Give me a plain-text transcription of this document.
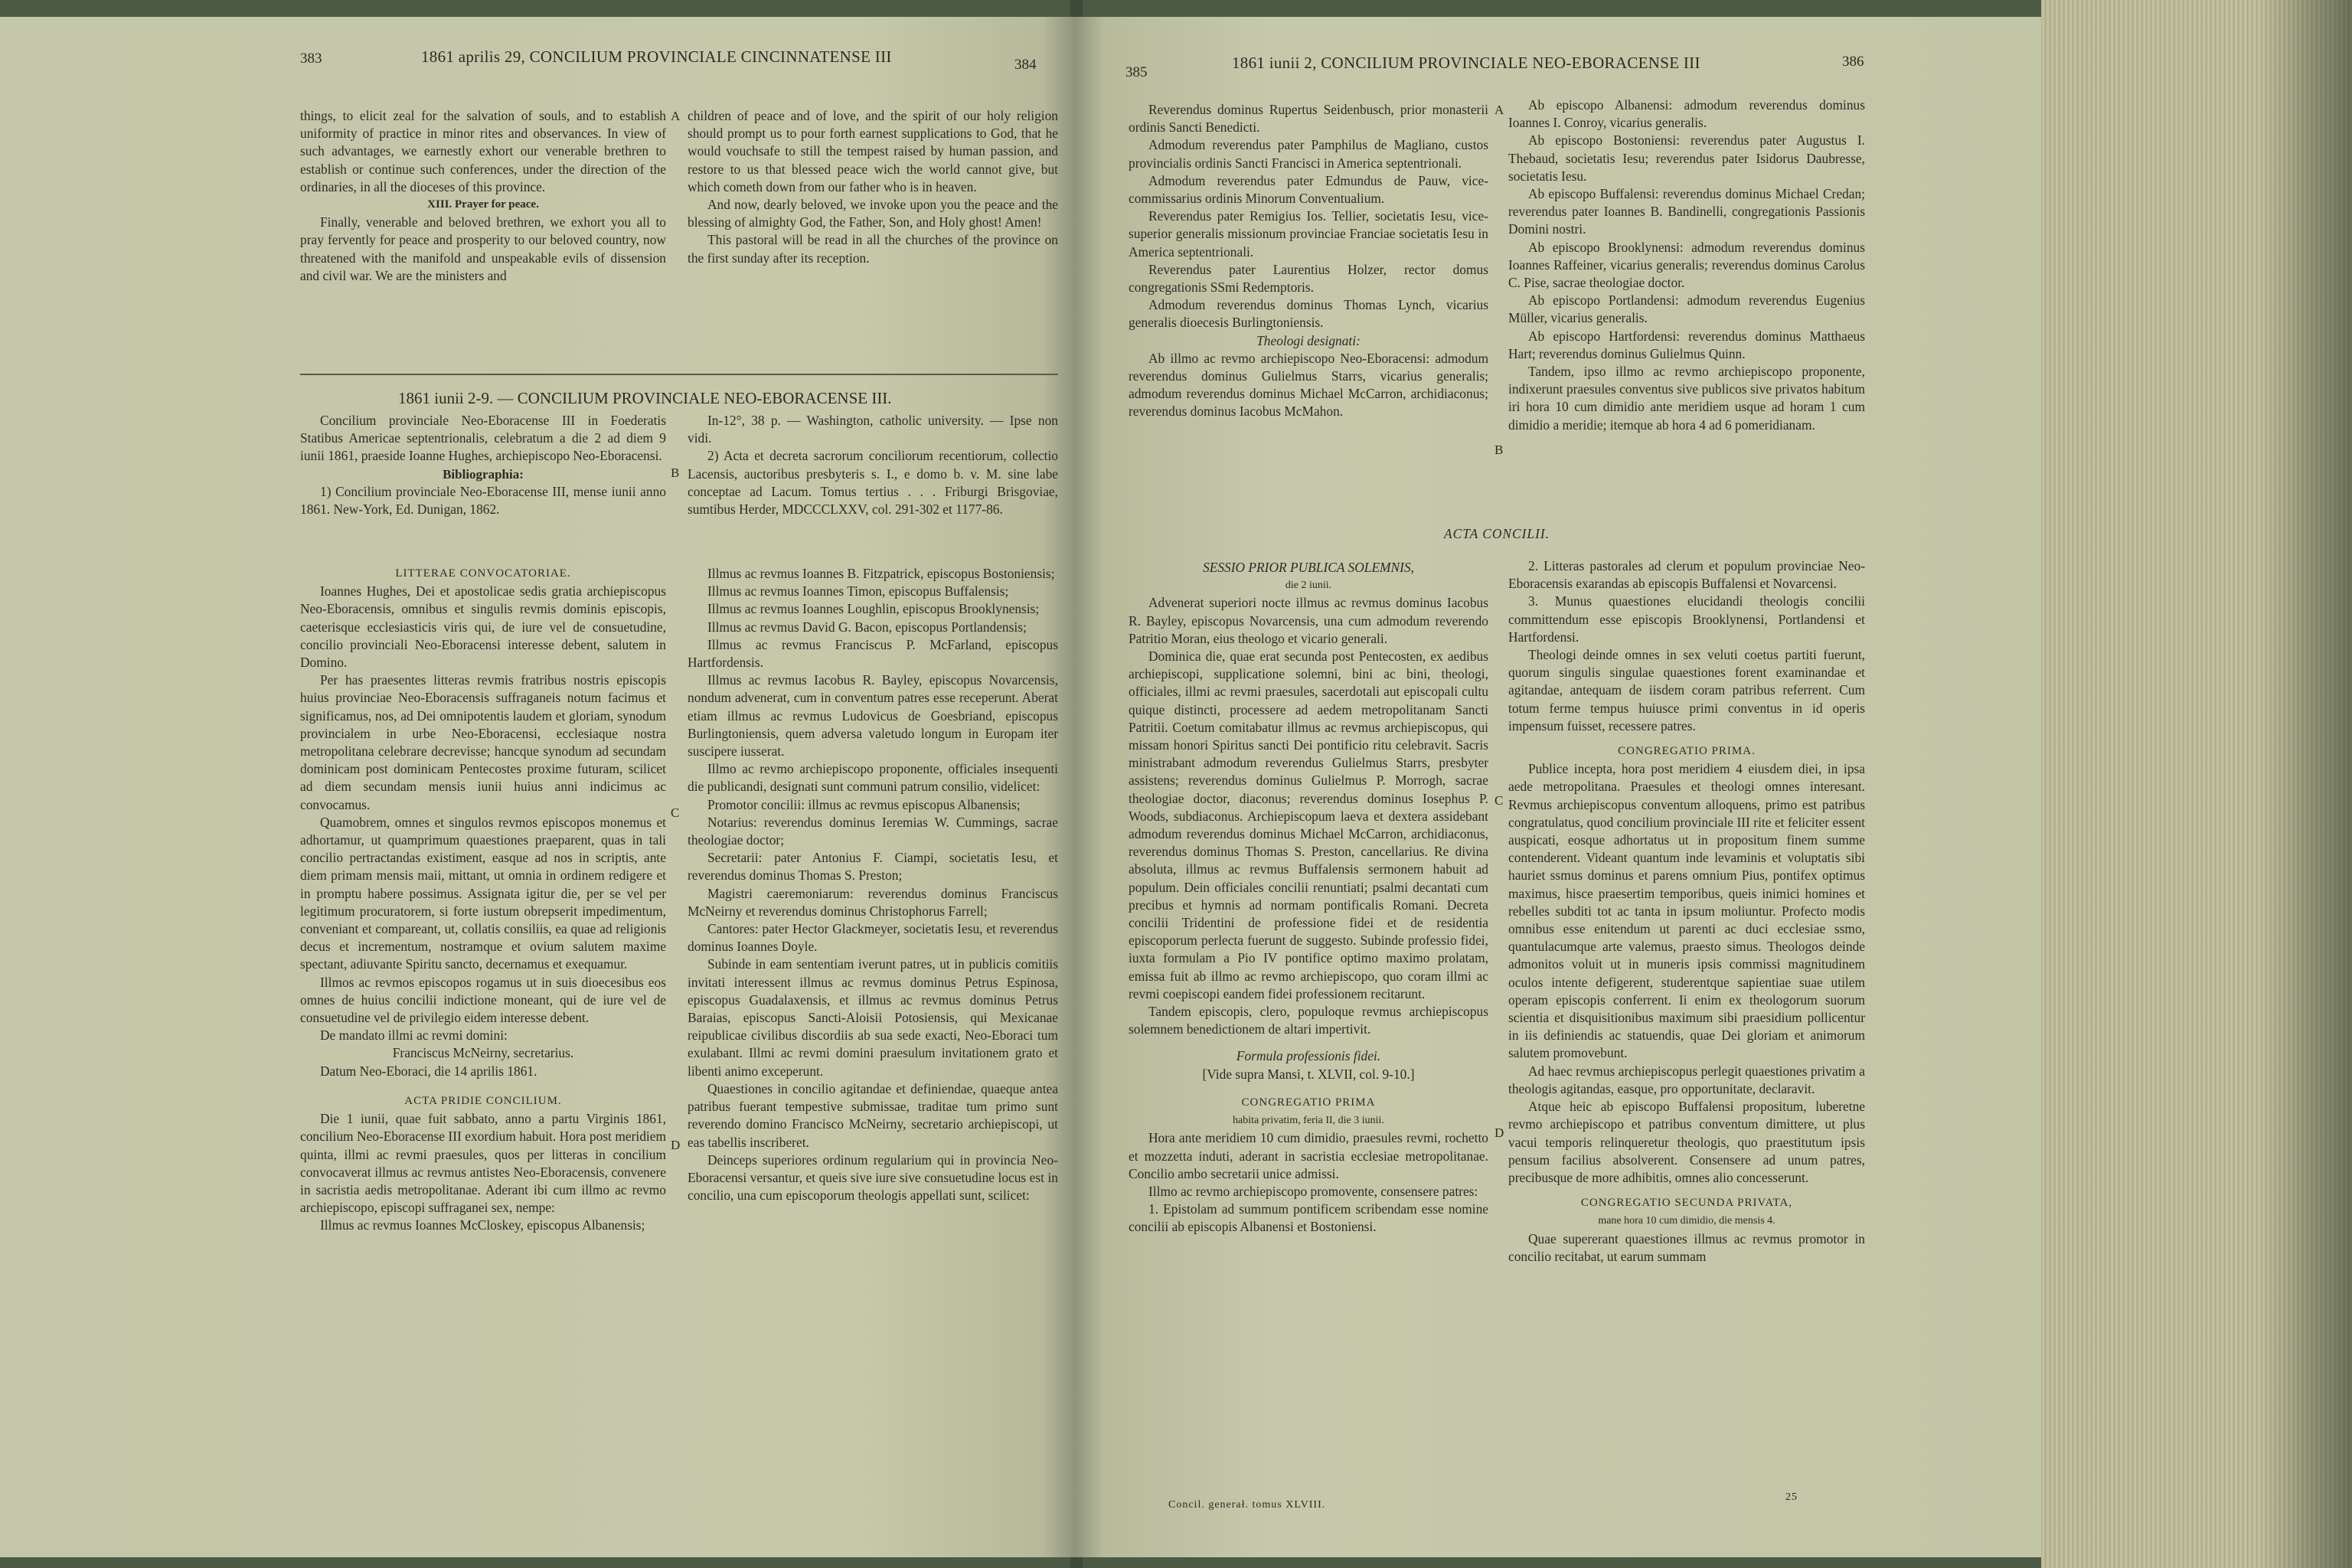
383	1861 aprilis 29, CONCILIUM PROVINCIALE CINCINNATENSE III	384

things, to elicit zeal for the salvation of souls, and to establish uniformity of practice in minor rites and observances. In view of such advantages, we earnestly exhort our venerable brethren to establish or continue such conferences, under the direction of the ordinaries, in all the dioceses of this province.

XIII. Prayer for peace.

Finally, venerable and beloved brethren, we exhort you all to pray fervently for peace and prosperity to our beloved country, now threatened with the manifold and unspeakable evils of dissension and civil war. We are the ministers and

children of peace and of love, and the spirit of our holy religion should prompt us to pour forth earnest supplications to God, that he would vouchsafe to still the tempest raised by human passion, and restore to us that blessed peace wich the world cannot give, but which cometh down from our father who is in heaven.

And now, dearly beloved, we invoke upon you the peace and the blessing of almighty God, the Father, Son, and Holy ghost! Amen!

This pastoral will be read in all the churches of the province on the first sunday after its reception.

A
1861 iunii 2-9. — CONCILIUM PROVINCIALE NEO-EBORACENSE III.

Concilium provinciale Neo-Eboracense III in Foederatis Statibus Americae septentrionalis, celebratum a die 2 ad diem 9 iunii 1861, praeside Ioanne Hughes, archiepiscopo Neo-Eboracensi.

Bibliographia:

1) Concilium provinciale Neo-Eboracense III, mense iunii anno 1861. New-York, Ed. Dunigan, 1862.

In-12°, 38 p. — Washington, catholic university. — Ipse non vidi.

2) Acta et decreta sacrorum conciliorum recentiorum, collectio Lacensis, auctoribus presbyteris s. I., e domo b. v. M. sine labe conceptae ad Lacum. Tomus tertius . . . Friburgi Brisgoviae, sumtibus Herder, MDCCCLXXV, col. 291-302 et 1177-86.

B

LITTERAE CONVOCATORIAE.

Ioannes Hughes, Dei et apostolicae sedis gratia archiepiscopus Neo-Eboracensis, omnibus et singulis revmis dominis episcopis, caeterisque ecclesiasticis viris qui, de iure vel de consuetudine, concilio provinciali Neo-Eboracensi interesse debent, salutem in Domino.

Per has praesentes litteras revmis fratribus nostris episcopis huius provinciae Neo-Eboracensis suffraganeis notum facimus et significamus, nos, ad Dei omnipotentis laudem et gloriam, synodum provincialem in urbe Neo-Eboracensi, ecclesiaque nostra metropolitana celebrare decrevisse; hancque synodum ad secundam dominicam post dominicam Pentecostes proxime futuram, scilicet ad diem secundam mensis iunii huius anni indicimus ac convocamus.

Quamobrem, omnes et singulos revmos episcopos monemus et adhortamur, ut quamprimum quaestiones praeparent, quas in tali concilio pertractandas existiment, easque ad nos in scriptis, ante diem primam mensis maii, mittant, ut omnia in ordinem redigere et in promptu habere possimus. Assignata igitur die, per se vel per legitimum procuratorem, si forte iustum obrepserit impedimentum, conveniant et compareant, ut, collatis consiliis, ea quae ad religionis decus et incrementum, nostramque et ovium salutem maxime spectant, adiuvante Spiritu sancto, decernamus et exequamur.

Illmos ac revmos episcopos rogamus ut in suis dioecesibus eos omnes de huius concilii indictione moneant, qui de iure vel de consuetudine vel de privilegio eidem interesse debent.

De mandato illmi ac revmi domini:

Franciscus McNeirny, secretarius.

Datum Neo-Eboraci, die 14 aprilis 1861.

ACTA PRIDIE CONCILIUM.

Die 1 iunii, quae fuit sabbato, anno a partu Virginis 1861, concilium Neo-Eboracense III exordium habuit. Hora post meridiem quinta, illmi ac revmi praesules, quos per litteras in concilium convocaverat illmus ac revmus antistes Neo-Eboracensis, convenere in sacristia aedis metropolitanae. Aderant ibi cum illmo ac revmo archiepiscopo, episcopi suffraganei sex, nempe:

Illmus ac revmus Ioannes McCloskey, episcopus Albanensis;

Illmus ac revmus Ioannes B. Fitzpatrick, episcopus Bostoniensis;

Illmus ac revmus Ioannes Timon, episcopus Buffalensis;

Illmus ac revmus Ioannes Loughlin, episcopus Brooklynensis;

Illmus ac revmus David G. Bacon, episcopus Portlandensis;

Illmus ac revmus Franciscus P. McFarland, episcopus Hartfordensis.

Illmus ac revmus Iacobus R. Bayley, episcopus Novarcensis, nondum advenerat, cum in conventum patres esse receperunt. Aberat etiam illmus ac revmus Ludovicus de Goesbriand, episcopus Burlingtoniensis, quem adversa valetudo longum in Europam iter suscipere iusserat.

Illmo ac revmo archiepiscopo proponente, officiales insequenti die publicandi, designati sunt communi patrum consilio, videlicet:

Promotor concilii: illmus ac revmus episcopus Albanensis;

Notarius: reverendus dominus Ieremias W. Cummings, sacrae theologiae doctor;

Secretarii: pater Antonius F. Ciampi, societatis Iesu, et reverendus dominus Thomas S. Preston;

Magistri caeremoniarum: reverendus dominus Franciscus McNeirny et reverendus dominus Christophorus Farrell;

Cantores: pater Hector Glackmeyer, societatis Iesu, et reverendus dominus Ioannes Doyle.

Subinde in eam sententiam iverunt patres, ut in publicis comitiis invitati interessent illmus ac revmus dominus Petrus Espinosa, episcopus Guadalaxensis, et illmus ac revmus dominus Petrus Baraias, episcopus Sancti-Aloisii Potosiensis, qui Mexicanae reipublicae civilibus discordiis ab sua sede exacti, Neo-Eboraci tum exulabant. Illmi ac revmi domini praesulum invitationem grato et libenti animo exceperunt.

Quaestiones in concilio agitandae et definiendae, quaeque antea patribus fuerant tempestive submissae, traditae tum primo sunt reverendo domino Francisco McNeirny, secretario archiepiscopi, ut eas tabellis inscriberet.

Deinceps superiores ordinum regularium qui in provincia Neo-Eboracensi versantur, et queis sive iure sive consuetudine locus est in concilio, una cum episcoporum theologis appellati sunt, scilicet:

C
D
385
1861 iunii 2, CONCILIUM PROVINCIALE NEO-EBORACENSE III	386

Reverendus dominus Rupertus Seidenbusch, prior monasterii ordinis Sancti Benedicti.

Admodum reverendus pater Pamphilus de Magliano, custos provincialis ordinis Sancti Francisci in America septentrionali.

Admodum reverendus pater Edmundus de Pauw, vice-commissarius ordinis Minorum Conventualium.

Reverendus pater Remigius Ios. Tellier, societatis Iesu, vice-superior generalis missionum provinciae Franciae societatis Iesu in America septentrionali.

Reverendus pater Laurentius Holzer, rector domus congregationis SSmi Redemptoris.

Admodum reverendus dominus Thomas Lynch, vicarius generalis dioecesis Burlingtoniensis.

Theologi designati:

Ab illmo ac revmo archiepiscopo Neo-Eboracensi: admodum reverendus dominus Gulielmus Starrs, vicarius generalis; admodum reverendus dominus Michael McCarron, archidiaconus; reverendus dominus Iacobus McMahon.

A	Ab episcopo Albanensi: admodum reverendus dominus Ioannes I. Conroy, vicarius generalis.

Ab episcopo Bostoniensi: reverendus pater Augustus I. Thebaud, societatis Iesu; reverendus pater Isidorus Daubresse, societatis Iesu.

Ab episcopo Buffalensi: reverendus dominus Michael Credan; reverendus pater Ioannes B. Bandinelli, congregationis Passionis Domini nostri.

Ab episcopo Brooklynensi: admodum reverendus dominus Ioannes Raffeiner, vicarius generalis; reverendus dominus Carolus C. Pise, sacrae theologiae doctor.

Ab episcopo Portlandensi: admodum reverendus Eugenius Müller, vicarius generalis.

Ab episcopo Hartfordensi: reverendus dominus Matthaeus Hart; reverendus dominus Gulielmus Quinn.

Tandem, ipso illmo ac revmo archiepiscopo proponente, indixerunt praesules conventus sive publicos sive privatos habitum iri hora 10 cum dimidio ante meridiem usque ad horam 1 cum dimidio a meridie; itemque ab hora 4 ad 6 pomeridianam.

B

ACTA CONCILII.

SESSIO PRIOR PUBLICA SOLEMNIS,

die 2 iunii.

Advenerat superiori nocte illmus ac revmus dominus Iacobus R. Bayley, episcopus Novarcensis, una cum admodum reverendo Patritio Moran, eius theologo et vicario generali.

Dominica die, quae erat secunda post Pentecosten, ex aedibus archiepiscopi, supplicatione solemni, bini ac bini, theologi, officiales, illmi ac revmi praesules, sacerdotali aut episcopali cultu quique distincti, processere ad aedem metropolitanam Sancti Patritii. Coetum comitabatur illmus ac revmus archiepiscopus, qui missam honori Spiritus sancti Dei pontificio ritu celebravit. Sacris ministrabant admodum reverendus Gulielmus Starrs, presbyter assistens; reverendus dominus Gulielmus P. Morrogh, sacrae theologiae doctor, diaconus; reverendus dominus Iosephus P. Woods, subdiaconus. Archiepiscopum laeva et dextera assidebant admodum reverendus dominus Michael McCarron, archidiaconus, reverendus dominus Thomas S. Preston, cancellarius. Re divina absoluta, illmus ac revmus Buffalensis sermonem habuit ad populum. Dein officiales concilii renuntiati; psalmi decantati cum precibus et hymnis ad normam pontificalis Romani. Decreta concilii Tridentini de professione fidei et de residentia episcoporum perlecta fuerunt de suggesto. Subinde professio fidei, iuxta formulam a Pio IV pontifice optimo maximo prolatam, emissa fuit ab illmo ac revmo archiepiscopo, quo coram illmi ac revmi coepiscopi eandem fidei professionem recitarunt.

Tandem episcopis, clero, populoque revmus archiepiscopus solemnem benedictionem de altari impertivit.

Formula professionis fidei.

[Vide supra Mansi, t. XLVII, col. 9-10.]

CONGREGATIO PRIMA

habita privatim, feria II, die 3 iunii.

Hora ante meridiem 10 cum dimidio, praesules revmi, rochetto et mozzetta induti, aderant in sacristia ecclesiae metropolitanae. Concilio ambo secretarii unice admissi.

Illmo ac revmo archiepiscopo promovente, consensere patres:

1. Epistolam ad summum pontificem scribendam esse nomine concilii ab episcopis Albanensi et Bostoniensi.

C
D

2. Litteras pastorales ad clerum et populum provinciae Neo-Eboracensis exarandas ab episcopis Buffalensi et Novarcensi.

3. Munus quaestiones elucidandi theologis concilii committendum esse episcopis Brooklynensi, Portlandensi et Hartfordensi.

Theologi deinde omnes in sex veluti coetus partiti fuerunt, quorum singulis singulae quaestiones forent examinandae et agitandae, antequam de iisdem coram patribus referrent. Cum totum ferme tempus huiusce primi conventus in id operis impensum fuisset, recessere patres.

CONGREGATIO PRIMA.

Publice incepta, hora post meridiem 4 eiusdem diei, in ipsa aede metropolitana. Praesules et theologi omnes interesant. Revmus archiepiscopus conventum alloquens, primo est patribus congratulatus, quod concilium provinciale III rite et feliciter essent auspicati, eosque adhortatus ut in propositum finem summe contenderent. Videant quantum inde levaminis et voluptatis sibi hauriet ssmus dominus et parens omnium Pius, pontifex optimus maximus, hisce praesertim temporibus, queis inimici homines et rebelles subditi tot ac tanta in ipsum moliuntur. Profecto modis omnibus esse enitendum ut parenti ac duci ecclesiae ssmo, quantulacumque arte valemus, praesto simus. Theologos deinde admonitos voluit ut in muneris ipsis commissi magnitudinem oculos intente defigerent, studerentque sapientiae suae utilem operam episcopis conferrent. Ii enim ex theologorum suorum scientia et disquisitionibus maximum sibi praesidium pollicentur in iis definiendis ac statuendis, quae Dei gloriam et animorum salutem promovebunt.

Ad haec revmus archiepiscopus perlegit quaestiones privatim a theologis agitandas, easque, pro opportunitate, declaravit.

Atque heic ab episcopo Buffalensi propositum, luberetne revmo archiepiscopo et patribus conventum dimittere, ut plus vacui temporis relinqueretur theologis, quo praestitutum ipsis pensum facilius absolverent. Consensere ad unum patres, precibusque de more adhibitis, omnes alio concesserunt.

CONGREGATIO SECUNDA PRIVATA,

mane hora 10 cum dimidio, die mensis 4.

Quae supererant quaestiones illmus ac revmus promotor in concilio recitabat, ut earum summam

Concil. generał. tomus XLVIII.
25
